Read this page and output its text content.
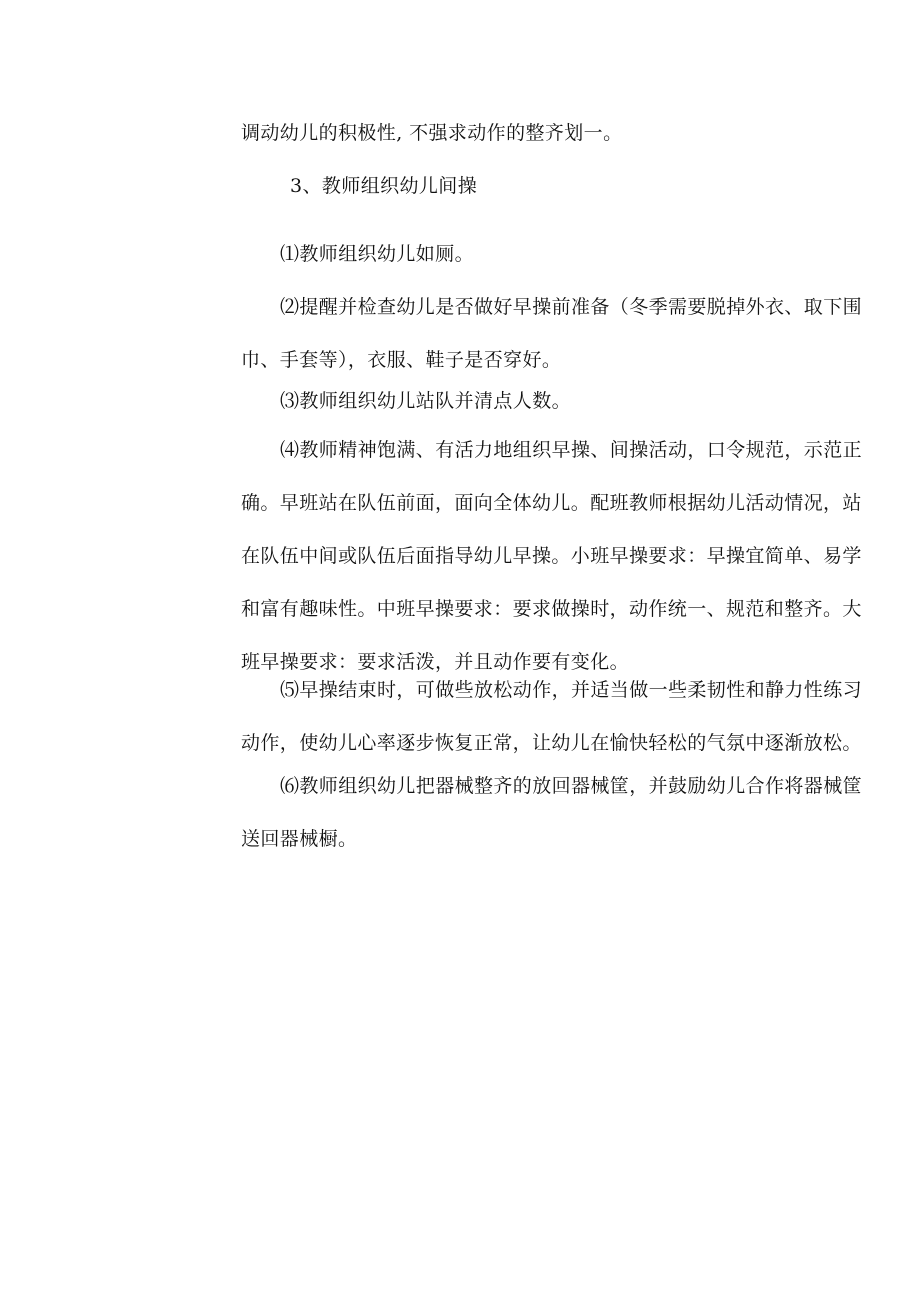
调动幼儿的积极性, 不强求动作的整齐划一。

3、教师组织幼儿间操

⑴教师组织幼儿如厕。

⑵提醒并检查幼儿是否做好早操前准备（冬季需要脱掉外衣、取下围
巾、手套等），衣服、鞋子是否穿好。

⑶教师组织幼儿站队并清点人数。

⑷教师精神饱满、有活力地组织早操、间操活动，口令规范，示范正
确。早班站在队伍前面，面向全体幼儿。配班教师根据幼儿活动情况，站
在队伍中间或队伍后面指导幼儿早操。小班早操要求：早操宜简单、易学
和富有趣味性。中班早操要求：要求做操时，动作统一、规范和整齐。大
班早操要求：要求活泼，并且动作要有变化。

⑸早操结束时，可做些放松动作，并适当做一些柔韧性和静力性练习
动作，使幼儿心率逐步恢复正常，让幼儿在愉快轻松的气氛中逐渐放松。

⑹教师组织幼儿把器械整齐的放回器械筐，并鼓励幼儿合作将器械筐
送回器械橱。
